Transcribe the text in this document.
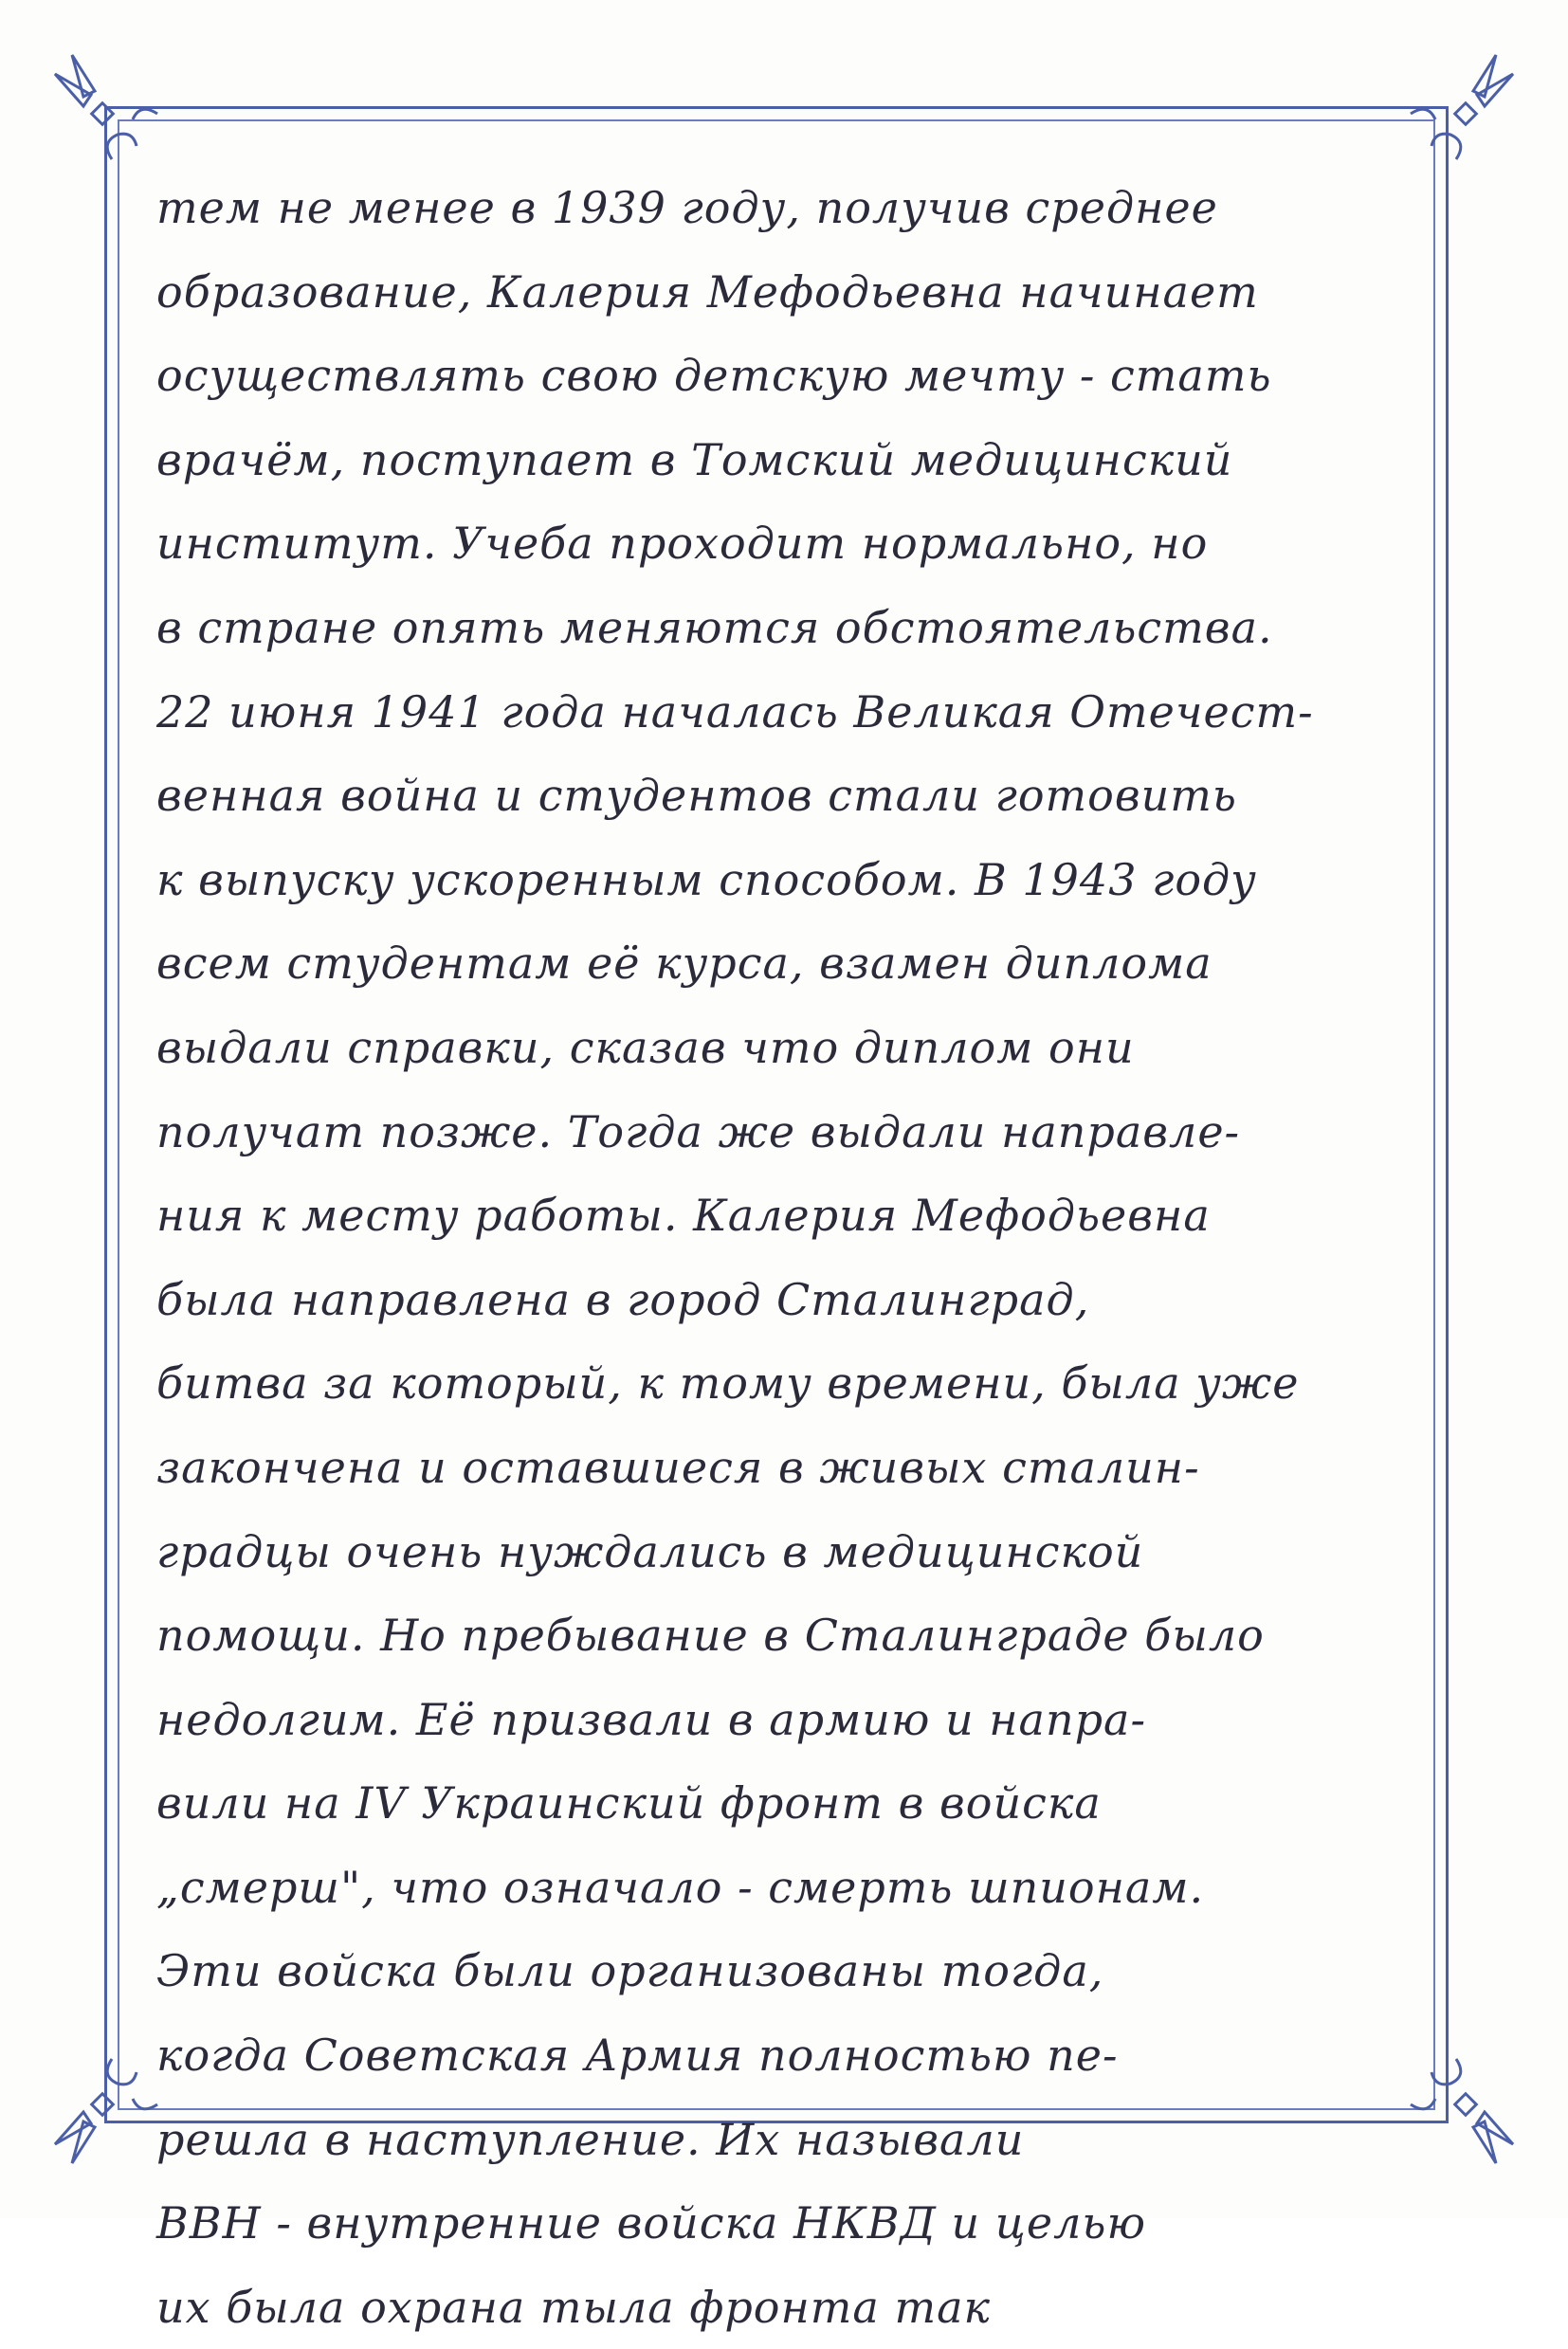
тем не менее в 1939 году, получив среднее
образование, Калерия Мефодьевна начинает
осуществлять свою детскую мечту - стать
врачём, поступает в Томский медицинский
институт. Учеба проходит нормально, но
в стране опять меняются обстоятельства.
22 июня 1941 года началась Великая Отечест-
венная война и студентов стали готовить
к выпуску ускоренным способом. В 1943 году
всем студентам её курса, взамен диплома
выдали справки, сказав что диплом они
получат позже. Тогда же выдали направле-
ния к месту работы. Калерия Мефодьевна
была направлена в город Сталинград,
битва за который, к тому времени, была уже
закончена и оставшиеся в живых сталин-
градцы очень нуждались в медицинской
помощи. Но пребывание в Сталинграде было
недолгим. Её призвали в армию и напра-
вили на IV Украинский фронт в войска
„смерш", что означало - смерть шпионам.
Эти войска были организованы тогда,
когда Советская Армия полностью пе-
решла в наступление. Их называли
ВВН - внутренние войска НКВД и целью
их была охрана тыла фронта так
